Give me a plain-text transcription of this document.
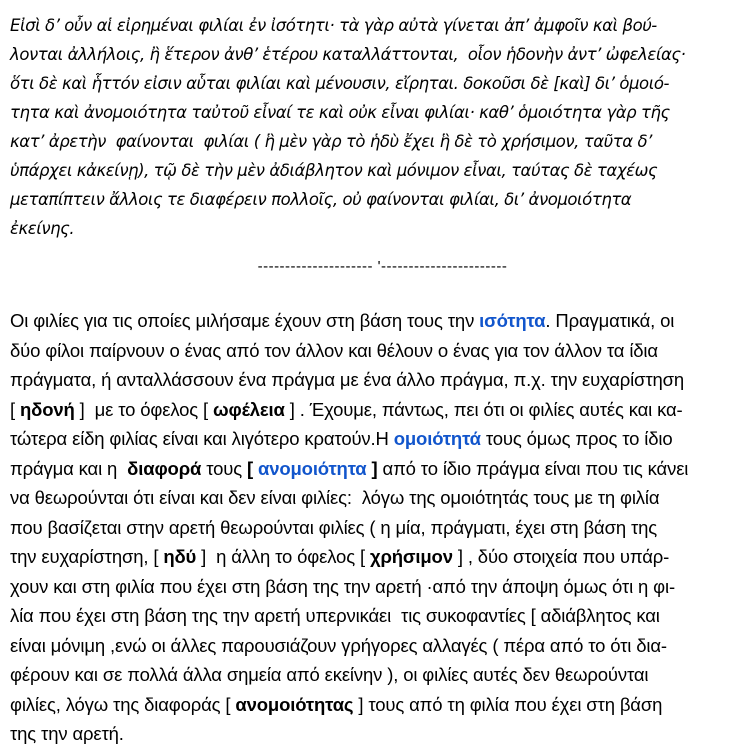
Εἰσὶ δ’ οὖν αἱ εἰρημέναι φιλίαι ἐν ἰσότητι· τὰ γὰρ αὐτὰ γίνεται ἀπ’ ἀμφοῖν καὶ βού-
λονται ἀλλήλοις, ἢ ἕτερον ἀνθ’ ἑτέρου καταλλάττονται,  οἷον ἡδονὴν ἀντ’ ὠφελείας·
ὅτι δὲ καὶ ἧττόν εἰσιν αὗται φιλίαι καὶ μένουσιν, εἴρηται. δοκοῦσι δὲ [καὶ] δι’ ὁμοιό-
τητα καὶ ἀνομοιότητα ταὐτοῦ εἶναί τε καὶ οὐκ εἶναι φιλίαι· καθ’ ὁμοιότητα γὰρ τῆς
κατ’ ἀρετὴν  φαίνονται  φιλίαι ( ἣ μὲν γὰρ τὸ ἡδὺ ἔχει ἣ δὲ τὸ χρήσιμον, ταῦτα δ’
ὑπάρχει κἀκείνῃ), τῷ δὲ τὴν μὲν ἀδιάβλητον καὶ μόνιμον εἶναι, ταύτας δὲ ταχέως
μεταπίπτειν ἄλλοις τε διαφέρειν πολλοῖς, οὐ φαίνονται φιλίαι, δι’ ἀνομοιότητα
ἐκείνης.
--------------------- '-----------------------
Οι φιλίες για τις οποίες μιλήσαμε έχουν στη βάση τους την ισότητα. Πραγματικά, οι
δύο φίλοι παίρνουν ο ένας από τον άλλον και θέλουν ο ένας για τον άλλον τα ίδια
πράγματα, ή ανταλλάσσουν ένα πράγμα με ένα άλλο πράγμα, π.χ. την ευχαρίστηση
[ ηδονή ]  με το όφελος [ ωφέλεια ] . Έχουμε, πάντως, πει ότι οι φιλίες αυτές και κα-
τώτερα είδη φιλίας είναι και λιγότερο κρατούν.Η ομοιότητά τους όμως προς το ίδιο
πράγμα και η  διαφορά τους [ ανομοιότητα ] από το ίδιο πράγμα είναι που τις κάνει
να θεωρούνται ότι είναι και δεν είναι φιλίες:  λόγω της ομοιότητάς τους με τη φιλία
που βασίζεται στην αρετή θεωρούνται φιλίες ( η μία, πράγματι, έχει στη βάση της
την ευχαρίστηση, [ ηδύ ]  η άλλη το όφελος [ χρήσιμον ] , δύο στοιχεία που υπάρ-
χουν και στη φιλία που έχει στη βάση της την αρετή ·από την άποψη όμως ότι η φι-
λία που έχει στη βάση της την αρετή υπερνικάει  τις συκοφαντίες [ αδιάβλητος και
είναι μόνιμη ,ενώ οι άλλες παρουσιάζουν γρήγορες αλλαγές ( πέρα από το ότι δια-
φέρουν και σε πολλά άλλα σημεία από εκείνην ), οι φιλίες αυτές δεν θεωρούνται
φιλίες, λόγω της διαφοράς [ ανομοιότητας ] τους από τη φιλία που έχει στη βάση
της την αρετή.
